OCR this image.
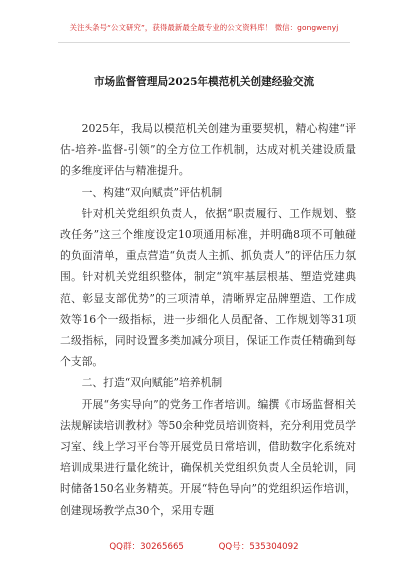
关注头条号“公文研究”，获得最新最全最专业的公文资料库！ 微信：gongwenyj
市场监督管理局2025年模范机关创建经验交流

2025年，我局以模范机关创建为重要契机，精心构建“评估-培养-监督-引领”的全方位工作机制，达成对机关建设质量的多维度评估与精准提升。

一、构建“双向赋责”评估机制

针对机关党组织负责人，依据“职责履行、工作规划、整改任务”这三个维度设定10项通用标准，并明确8项不可触碰的负面清单，重点营造“负责人主抓、抓负责人”的评估压力氛围。针对机关党组织整体，制定“筑牢基层根基、塑造党建典范、彰显支部优势”的三项清单，清晰界定品牌塑造、工作成效等16个一级指标，进一步细化人员配备、工作规划等31项二级指标，同时设置多类加减分项目，保证工作责任精确到每个支部。

二、打造“双向赋能”培养机制

开展“务实导向”的党务工作者培训。编撰《市场监督相关法规解读培训教材》等50余种党员培训资料，充分利用党员学习室、线上学习平台等开展党员日常培训，借助数字化系统对培训成果进行量化统计，确保机关党组织负责人全员轮训，同时储备150名业务精英。开展“特色导向”的党组织运作培训，创建现场教学点30个，采用专题

QQ群：30265665	QQ号：535304092
